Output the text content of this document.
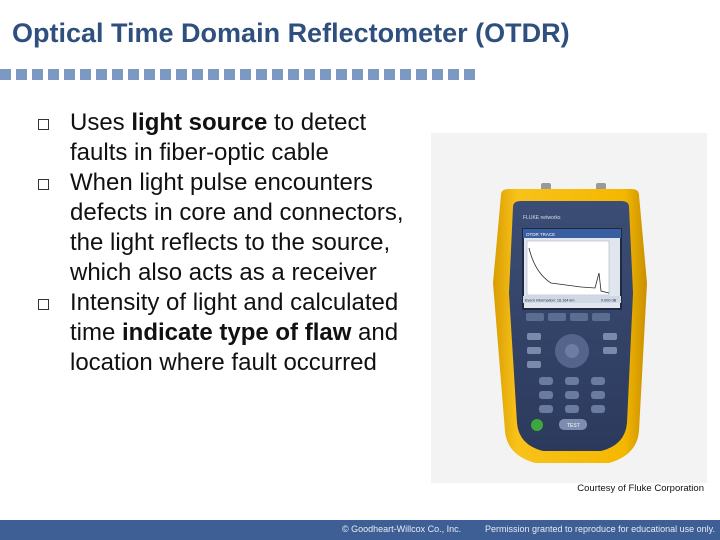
Optical Time Domain Reflectometer (OTDR)
Uses light source to detect faults in fiber-optic cable
When light pulse encounters defects in core and connectors, the light reflects to the source, which also acts as a receiver
Intensity of light and calculated time indicate type of flaw and location where fault occurred
FLUKE networks
OTDR TRACE
Event Information: 18.164 km	0.000 dB
TEST
Courtesy of Fluke Corporation
© Goodheart-Willcox Co., Inc.	Permission granted to reproduce for educational use only.
